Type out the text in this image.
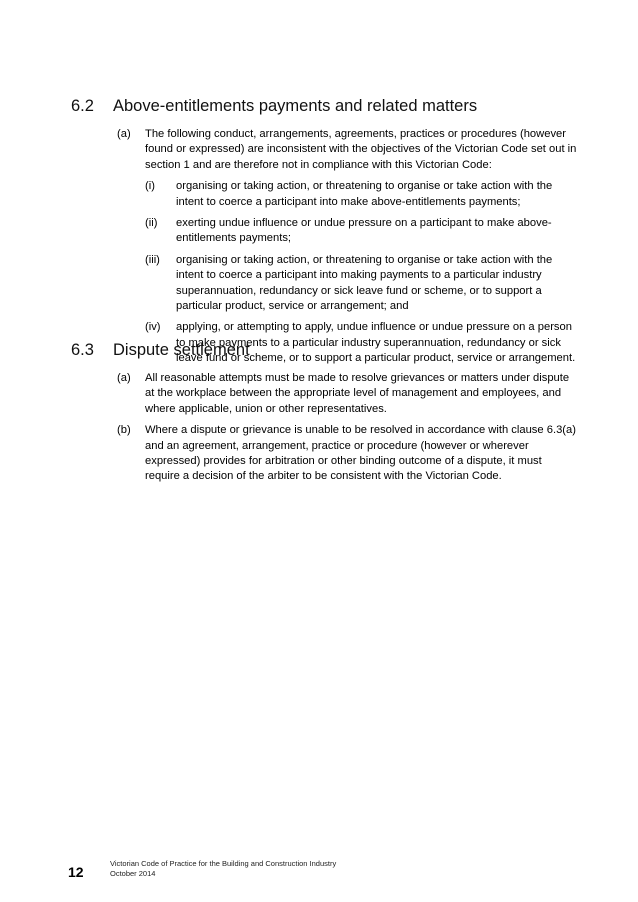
6.2 Above-entitlements payments and related matters
(a) The following conduct, arrangements, agreements, practices or procedures (however
found or expressed) are inconsistent with the objectives of the Victorian Code set out in
section 1 and are therefore not in compliance with this Victorian Code:
(i) organising or taking action, or threatening to organise or take action with the
intent to coerce a participant into make above-entitlements payments;
(ii) exerting undue influence or undue pressure on a participant to make above-
entitlements payments;
(iii) organising or taking action, or threatening to organise or take action with the
intent to coerce a participant into making payments to a particular industry
superannuation, redundancy or sick leave fund or scheme, or to support a
particular product, service or arrangement; and
(iv) applying, or attempting to apply, undue influence or undue pressure on a person
to make payments to a particular industry superannuation, redundancy or sick
leave fund or scheme, or to support a particular product, service or arrangement.
6.3 Dispute settlement
(a) All reasonable attempts must be made to resolve grievances or matters under dispute
at the workplace between the appropriate level of management and employees, and
where applicable, union or other representatives.
(b) Where a dispute or grievance is unable to be resolved in accordance with clause 6.3(a)
and an agreement, arrangement, practice or procedure (however or wherever
expressed) provides for arbitration or other binding outcome of a dispute, it must
require a decision of the arbiter to be consistent with the Victorian Code.
12
Victorian Code of Practice for the Building and Construction Industry
October 2014
